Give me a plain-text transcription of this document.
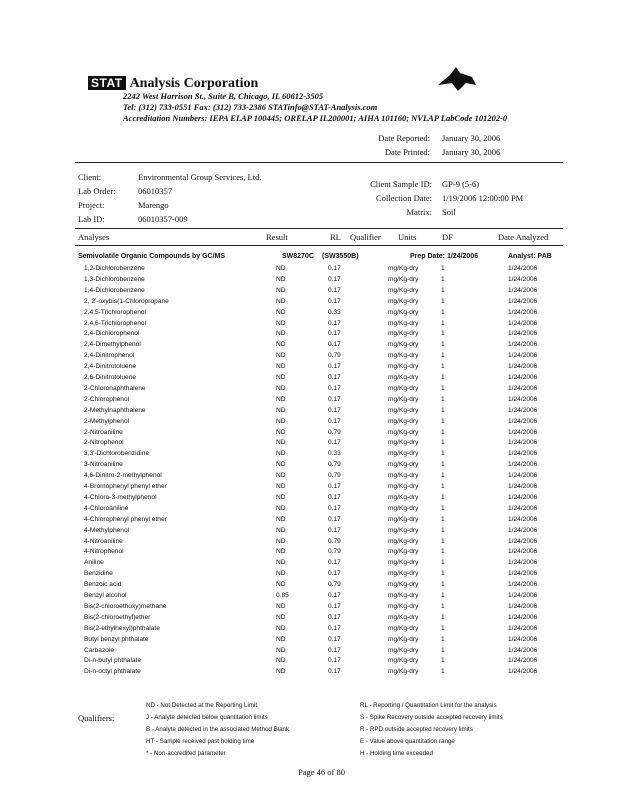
STAT Analysis Corporation
2242 West Harrison St., Suite B, Chicago, IL 60612-3505
Tel: (312) 733-0551 Fax: (312) 733-2386 STATinfo@STAT-Analysis.com
Accreditation Numbers: IEPA ELAP 100445; ORELAP IL200001; AIHA 101160; NVLAP LabCode 101202-0
Date Reported: January 30, 2006
Date Printed: January 30, 2006
Client:	Environmental Group Services, Ltd.
Lab Order:	06010357
Project:	Marengo
Lab ID:	06010357-009
Client Sample ID: GP-9 (5-6)
Collection Date: 1/19/2006 12:00:00 PM
Matrix: Soil
Analyses	Result	RL Qualifier Units	DF	Date Analyzed
Semivolatile Organic Compounds by GC/MS	SW8270C (SW3550B)	Prep Date: 1/24/2006	Analyst: PAB
1,2-Dichlorobenzene	ND	0.17	mg/Kg-dry	1	1/24/2006
1,3-Dichlorobenzene	ND	0.17	mg/Kg-dry	1	1/24/2006
1,4-Dichlorobenzene	ND	0.17	mg/Kg-dry	1	1/24/2006
2, 2'-oxybis(1-Chloropropane	ND	0.17	mg/Kg-dry	1	1/24/2006
2,4,5-Trichlorophenol	ND	0.33	mg/Kg-dry	1	1/24/2006
2,4,6-Trichlorophenol	ND	0.17	mg/Kg-dry	1	1/24/2006
2,4-Dichlorophenol	ND	0.17	mg/Kg-dry	1	1/24/2006
2,4-Dimethylphenol	ND	0.17	mg/Kg-dry	1	1/24/2006
2,4-Dinitrophenol	ND	0.79	mg/Kg-dry	1	1/24/2006
2,4-Dinitrotoluene	ND	0.17	mg/Kg-dry	1	1/24/2006
2,6-Dinitrotoluene	ND	0.17	mg/Kg-dry	1	1/24/2006
2-Chloronaphthalene	ND	0.17	mg/Kg-dry	1	1/24/2006
2-Chlorophenol	ND	0.17	mg/Kg-dry	1	1/24/2006
2-Methylnaphthalene	ND	0.17	mg/Kg-dry	1	1/24/2006
2-Methylphenol	ND	0.17	mg/Kg-dry	1	1/24/2006
2-Nitroaniline	ND	0.79	mg/Kg-dry	1	1/24/2006
2-Nitrophenol	ND	0.17	mg/Kg-dry	1	1/24/2006
3,3'-Dichlorobenzidine	ND	0.33	mg/Kg-dry	1	1/24/2006
3-Nitroaniline	ND	0.79	mg/Kg-dry	1	1/24/2006
4,6-Dinitro-2-methylphenol	ND	0.79	mg/Kg-dry	1	1/24/2006
4-Bromophenyl phenyl ether	ND	0.17	mg/Kg-dry	1	1/24/2006
4-Chloro-3-methylphenol	ND	0.17	mg/Kg-dry	1	1/24/2006
4-Chloroaniline	ND	0.17	mg/Kg-dry	1	1/24/2006
4-Chlorophenyl phenyl ether	ND	0.17	mg/Kg-dry	1	1/24/2006
4-Methylphenol	ND	0.17	mg/Kg-dry	1	1/24/2006
4-Nitroaniline	ND	0.79	mg/Kg-dry	1	1/24/2006
4-Nitrophenol	ND	0.79	mg/Kg-dry	1	1/24/2006
Aniline	ND	0.17	mg/Kg-dry	1	1/24/2006
Benzidine	ND	0.17	mg/Kg-dry	1	1/24/2006
Benzoic acid	ND	0.79	mg/Kg-dry	1	1/24/2006
Benzyl alcohol	0.85	0.17	mg/Kg-dry	1	1/24/2006
Bis(2-chloroethoxy)methane	ND	0.17	mg/Kg-dry	1	1/24/2006
Bis(2-chloroethyl)ether	ND	0.17	mg/Kg-dry	1	1/24/2006
Bis(2-ethylhexyl)phthalate	ND	0.17	mg/Kg-dry	1	1/24/2006
Butyl benzyl phthalate	ND	0.17	mg/Kg-dry	1	1/24/2006
Carbazole	ND	0.17	mg/Kg-dry	1	1/24/2006
Di-n-butyl phthalate	ND	0.17	mg/Kg-dry	1	1/24/2006
Di-n-octyl phthalate	ND	0.17	mg/Kg-dry	1	1/24/2006
Qualifiers:
ND - Not Detected at the Reporting Limit
J - Analyte detected below quantitation limits
B - Analyte detected in the associated Method Blank
HT - Sample received past holding time
* - Non-accredited parameter
RL - Reporting / Quantitation Limit for the analysis
S - Spike Recovery outside accepted recovery limits
R - RPD outside accepted recovery limits
E - Value above quantitation range
H - Holding time exceeded
Page 46 of 80
